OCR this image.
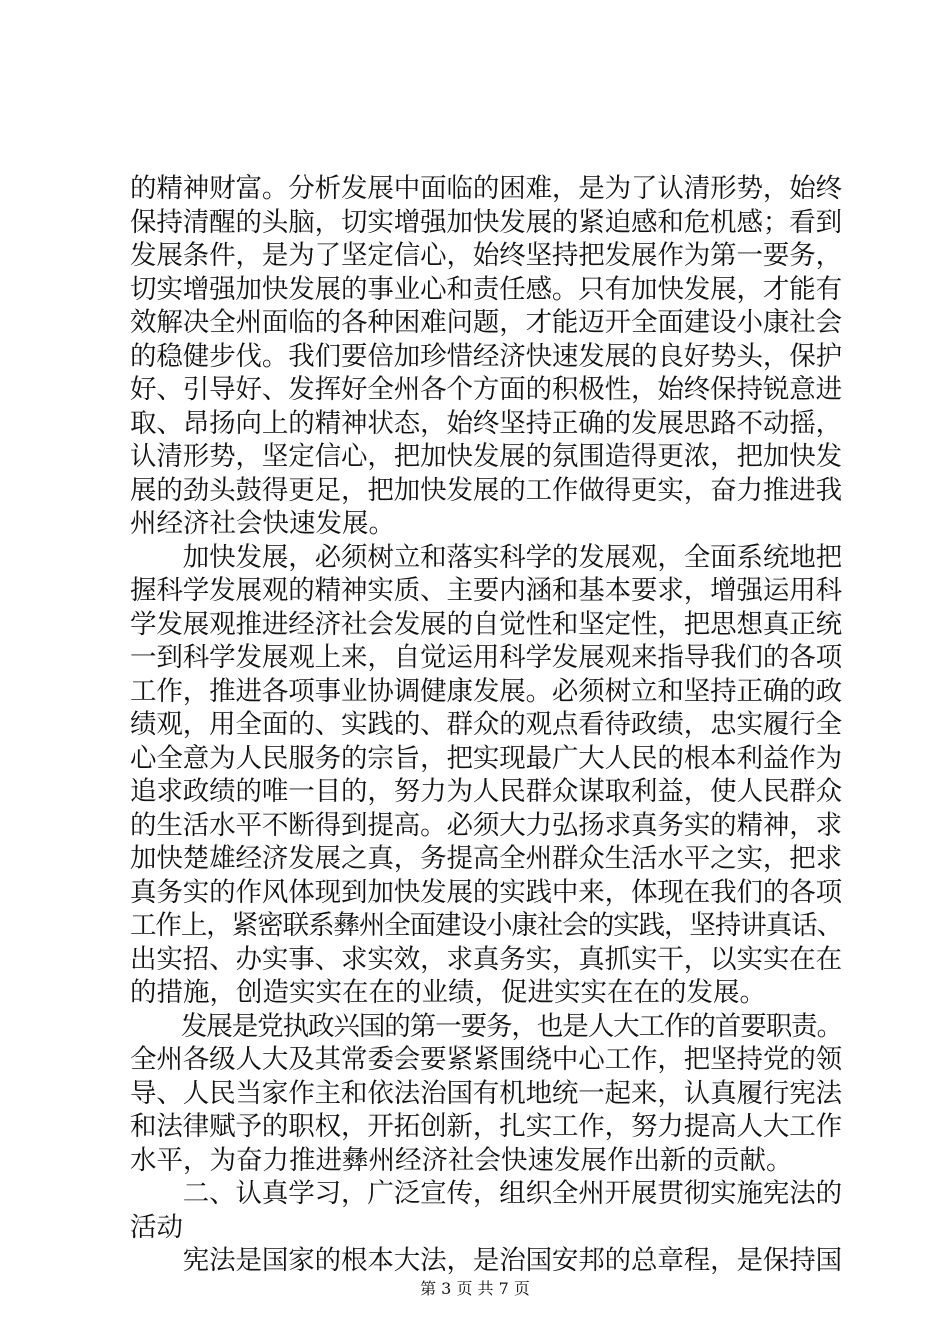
的精神财富。分析发展中面临的困难，是为了认清形势，始终
保持清醒的头脑，切实增强加快发展的紧迫感和危机感；看到
发展条件，是为了坚定信心，始终坚持把发展作为第一要务，
切实增强加快发展的事业心和责任感。只有加快发展，才能有
效解决全州面临的各种困难问题，才能迈开全面建设小康社会
的稳健步伐。我们要倍加珍惜经济快速发展的良好势头，保护
好、引导好、发挥好全州各个方面的积极性，始终保持锐意进
取、昂扬向上的精神状态，始终坚持正确的发展思路不动摇，
认清形势，坚定信心，把加快发展的氛围造得更浓，把加快发
展的劲头鼓得更足，把加快发展的工作做得更实，奋力推进我
州经济社会快速发展。
　　加快发展，必须树立和落实科学的发展观，全面系统地把
握科学发展观的精神实质、主要内涵和基本要求，增强运用科
学发展观推进经济社会发展的自觉性和坚定性，把思想真正统
一到科学发展观上来，自觉运用科学发展观来指导我们的各项
工作，推进各项事业协调健康发展。必须树立和坚持正确的政
绩观，用全面的、实践的、群众的观点看待政绩，忠实履行全
心全意为人民服务的宗旨，把实现最广大人民的根本利益作为
追求政绩的唯一目的，努力为人民群众谋取利益，使人民群众
的生活水平不断得到提高。必须大力弘扬求真务实的精神，求
加快楚雄经济发展之真，务提高全州群众生活水平之实，把求
真务实的作风体现到加快发展的实践中来，体现在我们的各项
工作上，紧密联系彝州全面建设小康社会的实践，坚持讲真话、
出实招、办实事、求实效，求真务实，真抓实干，以实实在在
的措施，创造实实在在的业绩，促进实实在在的发展。
　　发展是党执政兴国的第一要务，也是人大工作的首要职责。
全州各级人大及其常委会要紧紧围绕中心工作，把坚持党的领
导、人民当家作主和依法治国有机地统一起来，认真履行宪法
和法律赋予的职权，开拓创新，扎实工作，努力提高人大工作
水平，为奋力推进彝州经济社会快速发展作出新的贡献。
　　二、认真学习，广泛宣传，组织全州开展贯彻实施宪法的
活动
　　宪法是国家的根本大法，是治国安邦的总章程，是保持国
第 3 页 共 7 页
